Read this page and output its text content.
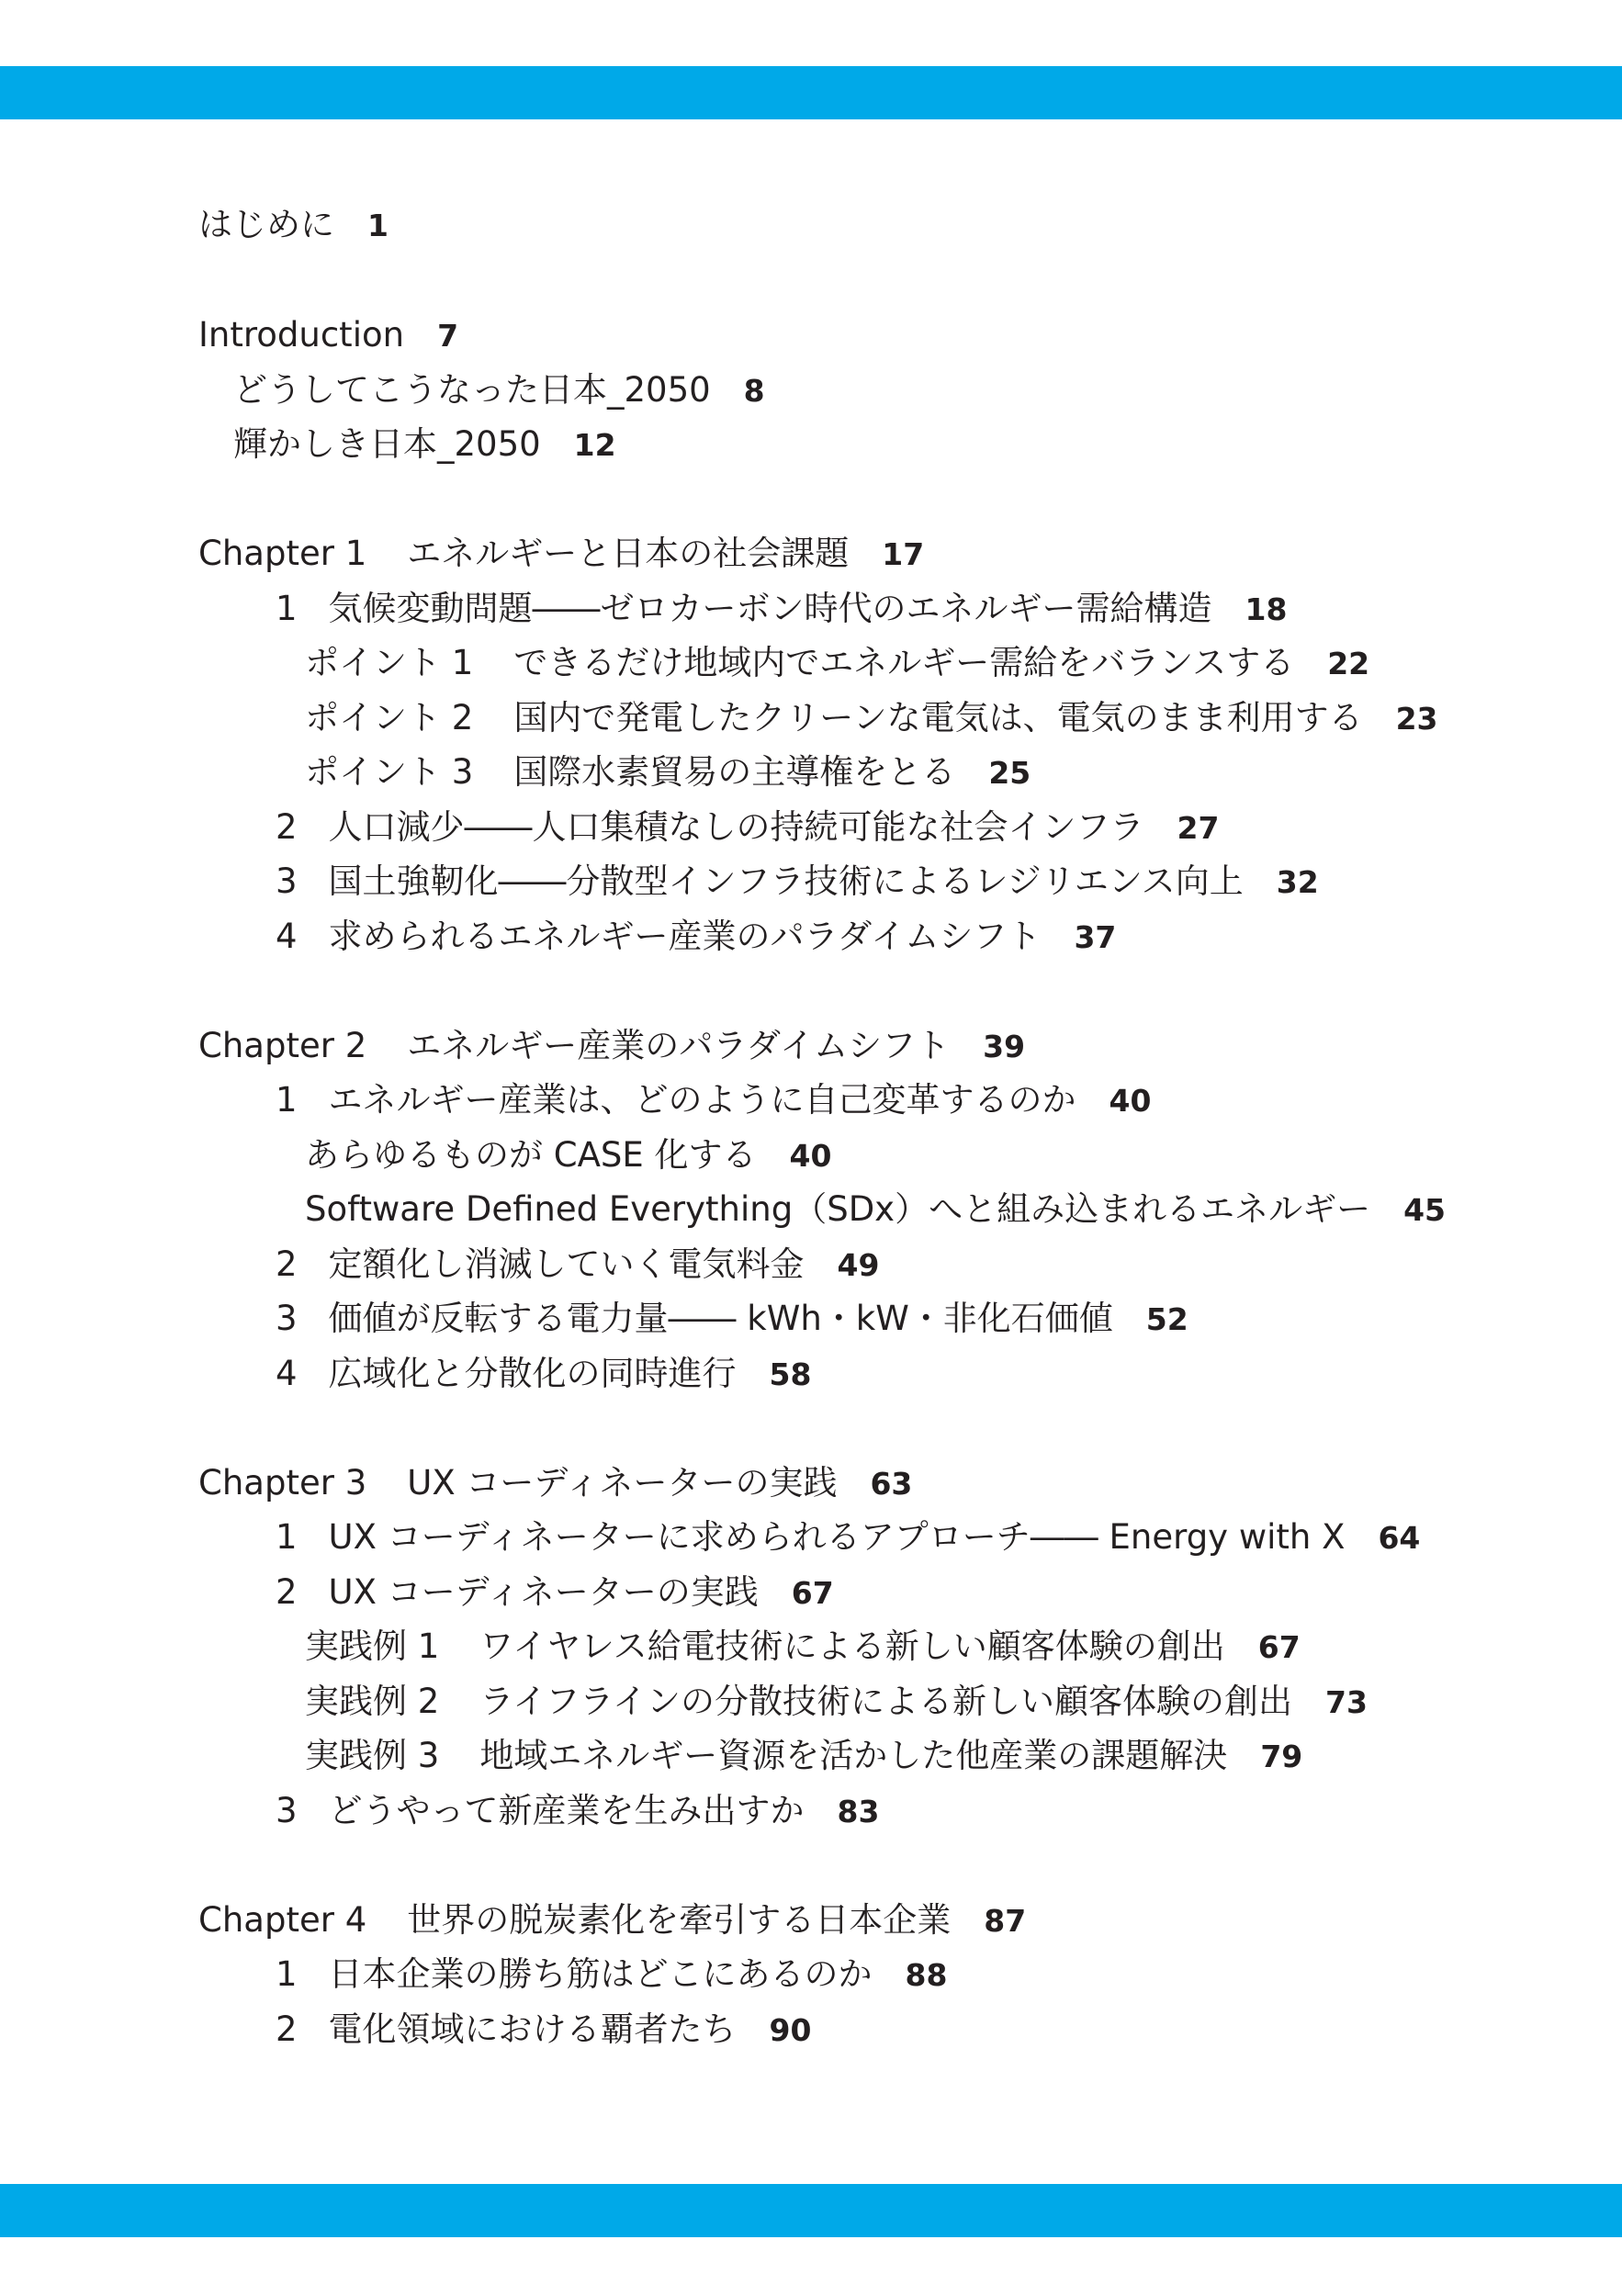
はじめに 1
Introduction 7
どうしてこうなった日本_2050 8
輝かしき日本_2050 12
Chapter 1 エネルギーと日本の社会課題 17
1 気候変動問題――ゼロカーボン時代のエネルギー需給構造 18
ポイント 1 できるだけ地域内でエネルギー需給をバランスする 22
ポイント 2 国内で発電したクリーンな電気は、電気のまま利用する 23
ポイント 3 国際水素貿易の主導権をとる 25
2 人口減少――人口集積なしの持続可能な社会インフラ 27
3 国土強靭化――分散型インフラ技術によるレジリエンス向上 32
4 求められるエネルギー産業のパラダイムシフト 37
Chapter 2 エネルギー産業のパラダイムシフト 39
1 エネルギー産業は、どのように自己変革するのか 40
あらゆるものが CASE 化する 40
Software Defined Everything（SDx）へと組み込まれるエネルギー 45
2 定額化し消滅していく電気料金 49
3 価値が反転する電力量―― kWh・kW・非化石価値 52
4 広域化と分散化の同時進行 58
Chapter 3 UX コーディネーターの実践 63
1 UX コーディネーターに求められるアプローチ―― Energy with X 64
2 UX コーディネーターの実践 67
実践例 1 ワイヤレス給電技術による新しい顧客体験の創出 67
実践例 2 ライフラインの分散技術による新しい顧客体験の創出 73
実践例 3 地域エネルギー資源を活かした他産業の課題解決 79
3 どうやって新産業を生み出すか 83
Chapter 4 世界の脱炭素化を牽引する日本企業 87
1 日本企業の勝ち筋はどこにあるのか 88
2 電化領域における覇者たち 90
